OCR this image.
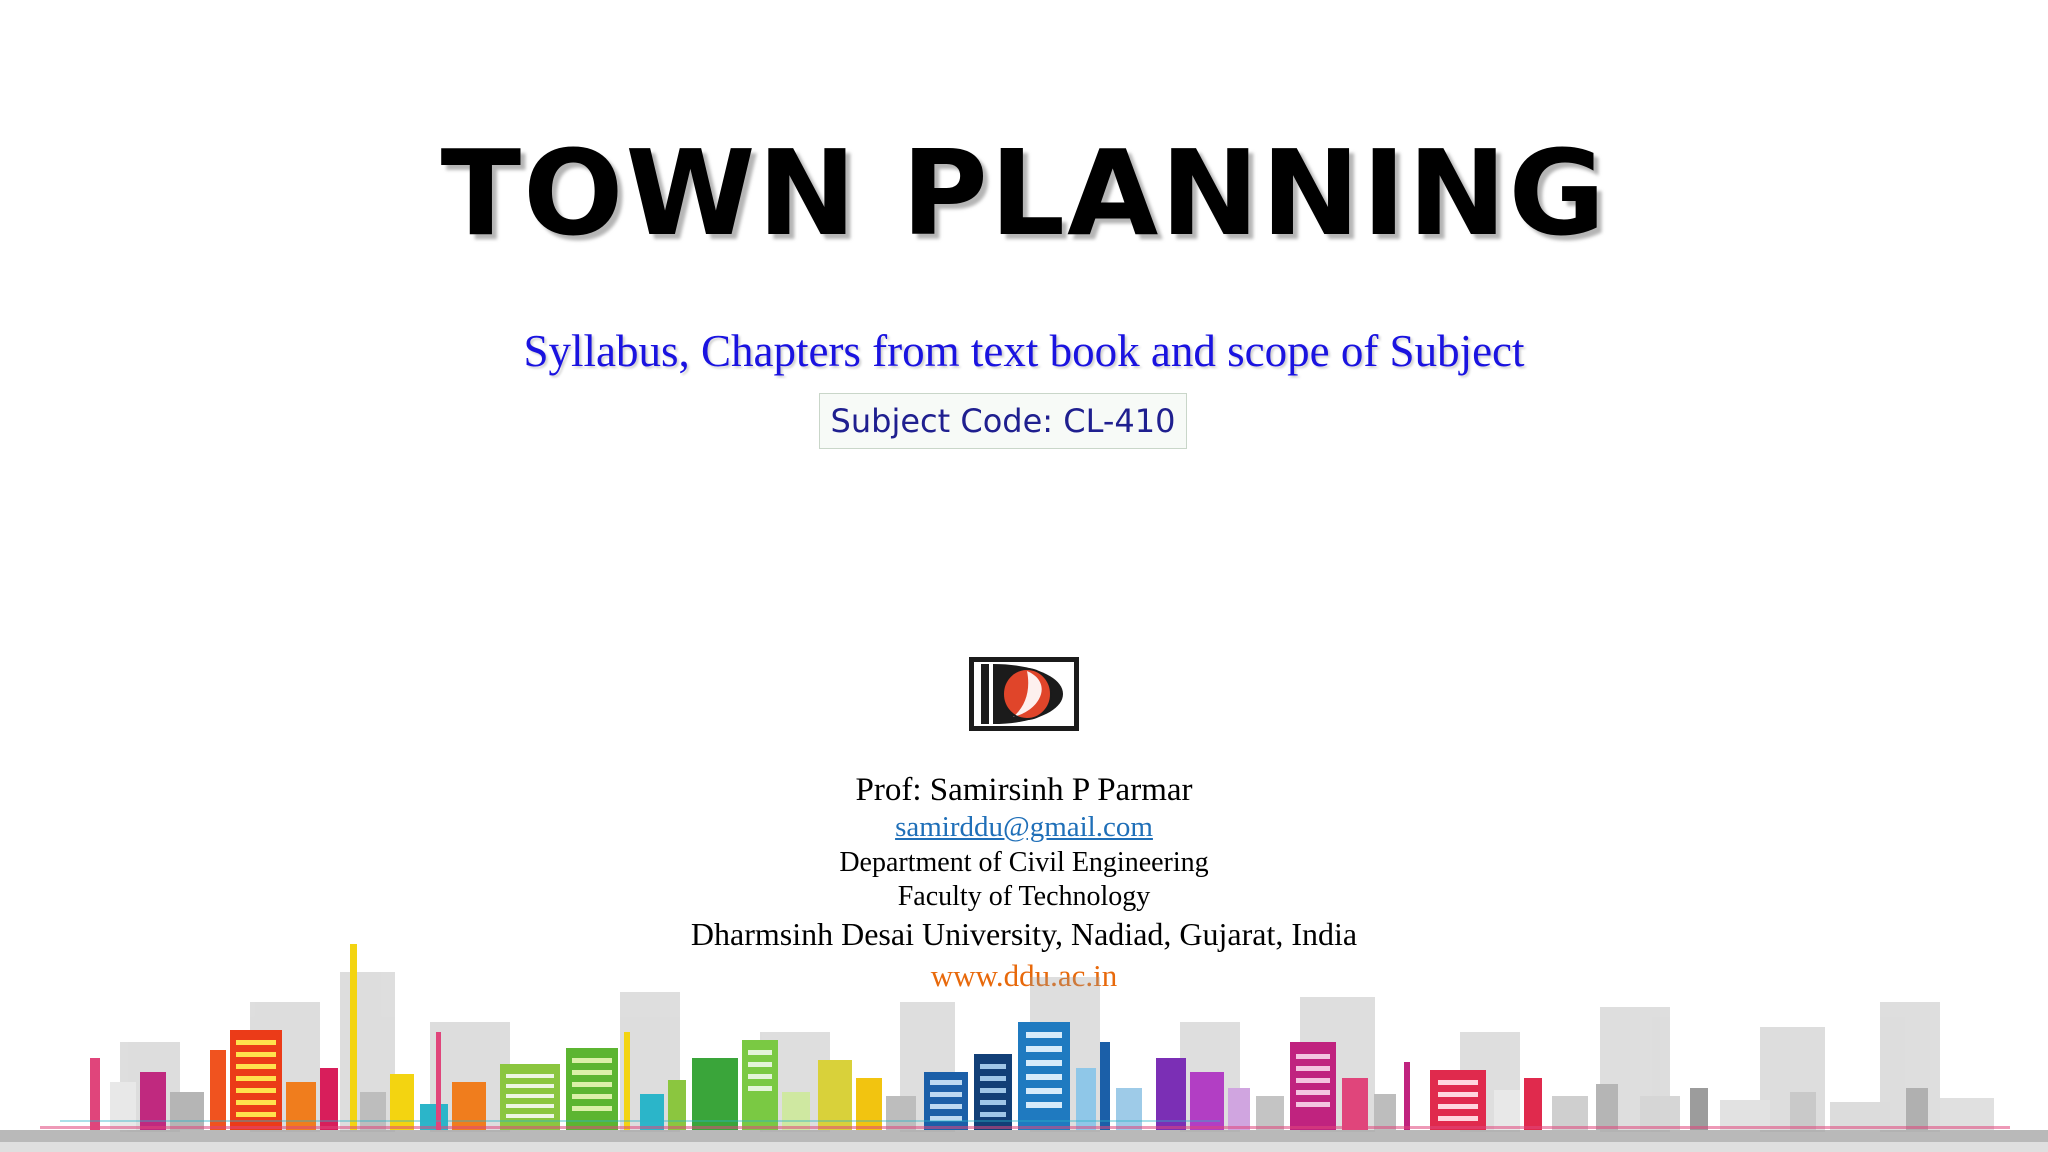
TOWN PLANNING
Syllabus, Chapters from text book and scope of Subject
Subject Code: CL-410
Prof: Samirsinh P Parmar
samirddu@gmail.com
Department of Civil Engineering
Faculty of Technology
Dharmsinh Desai University, Nadiad, Gujarat, India
www.ddu.ac.in
